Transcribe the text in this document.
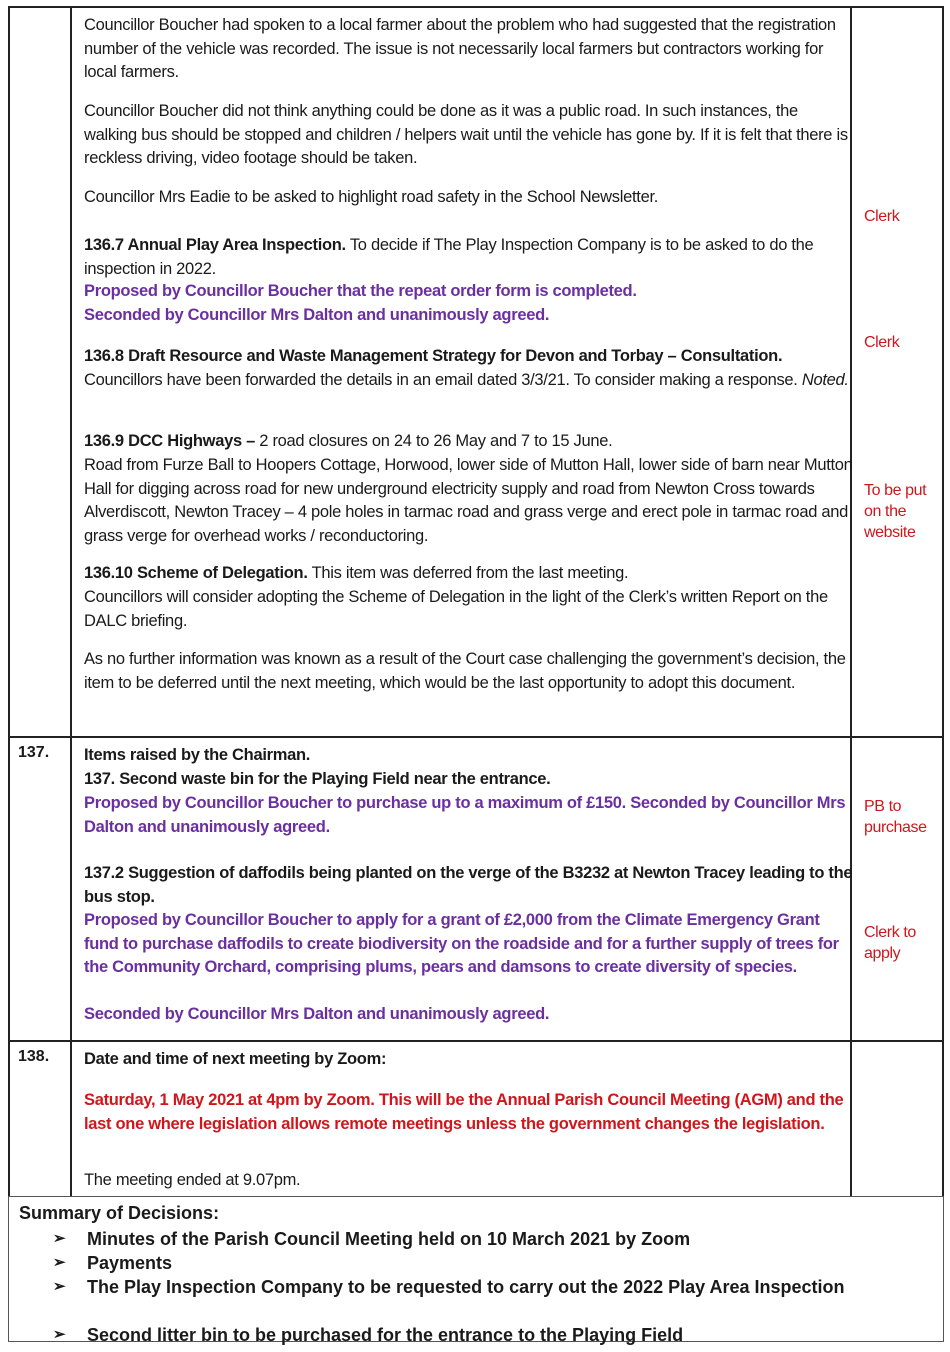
Councillor Boucher had spoken to a local farmer about the problem who had suggested that the registration number of the vehicle was recorded. The issue is not necessarily local farmers but contractors working for local farmers.

Councillor Boucher did not think anything could be done as it was a public road. In such instances, the walking bus should be stopped and children / helpers wait until the vehicle has gone by. If it is felt that there is reckless driving, video footage should be taken.

Councillor Mrs Eadie to be asked to highlight road safety in the School Newsletter.

136.7 Annual Play Area Inspection. To decide if The Play Inspection Company is to be asked to do the inspection in 2022.

Proposed by Councillor Boucher that the repeat order form is completed.

Seconded by Councillor Mrs Dalton and unanimously agreed.

136.8 Draft Resource and Waste Management Strategy for Devon and Torbay – Consultation.

Councillors have been forwarded the details in an email dated 3/3/21. To consider making a response. Noted.

136.9 DCC Highways – 2 road closures on 24 to 26 May and 7 to 15 June.

Road from Furze Ball to Hoopers Cottage, Horwood, lower side of Mutton Hall, lower side of barn near Mutton Hall for digging across road for new underground electricity supply and road from Newton Cross towards Alverdiscott, Newton Tracey – 4 pole holes in tarmac road and grass verge and erect pole in tarmac road and grass verge for overhead works / reconductoring.

136.10 Scheme of Delegation. This item was deferred from the last meeting.

Councillors will consider adopting the Scheme of Delegation in the light of the Clerk’s written Report on the DALC briefing.

As no further information was known as a result of the Court case challenging the government’s decision, the item to be deferred until the next meeting, which would be the last opportunity to adopt this document.

Clerk

Clerk

To be put on the website

137. Items raised by the Chairman.

137. Second waste bin for the Playing Field near the entrance.

Proposed by Councillor Boucher to purchase up to a maximum of £150. Seconded by Councillor Mrs Dalton and unanimously agreed.

137.2 Suggestion of daffodils being planted on the verge of the B3232 at Newton Tracey leading to the bus stop.

Proposed by Councillor Boucher to apply for a grant of £2,000 from the Climate Emergency Grant fund to purchase daffodils to create biodiversity on the roadside and for a further supply of trees for the Community Orchard, comprising plums, pears and damsons to create diversity of species.

Seconded by Councillor Mrs Dalton and unanimously agreed.

PB to purchase

Clerk to apply

138. Date and time of next meeting by Zoom:

Saturday, 1 May 2021 at 4pm by Zoom. This will be the Annual Parish Council Meeting (AGM) and the last one where legislation allows remote meetings unless the government changes the legislation.

The meeting ended at 9.07pm.

Summary of Decisions:
➢ Minutes of the Parish Council Meeting held on 10 March 2021 by Zoom
➢ Payments
➢ The Play Inspection Company to be requested to carry out the 2022 Play Area Inspection
➢ Second litter bin to be purchased for the entrance to the Playing Field
